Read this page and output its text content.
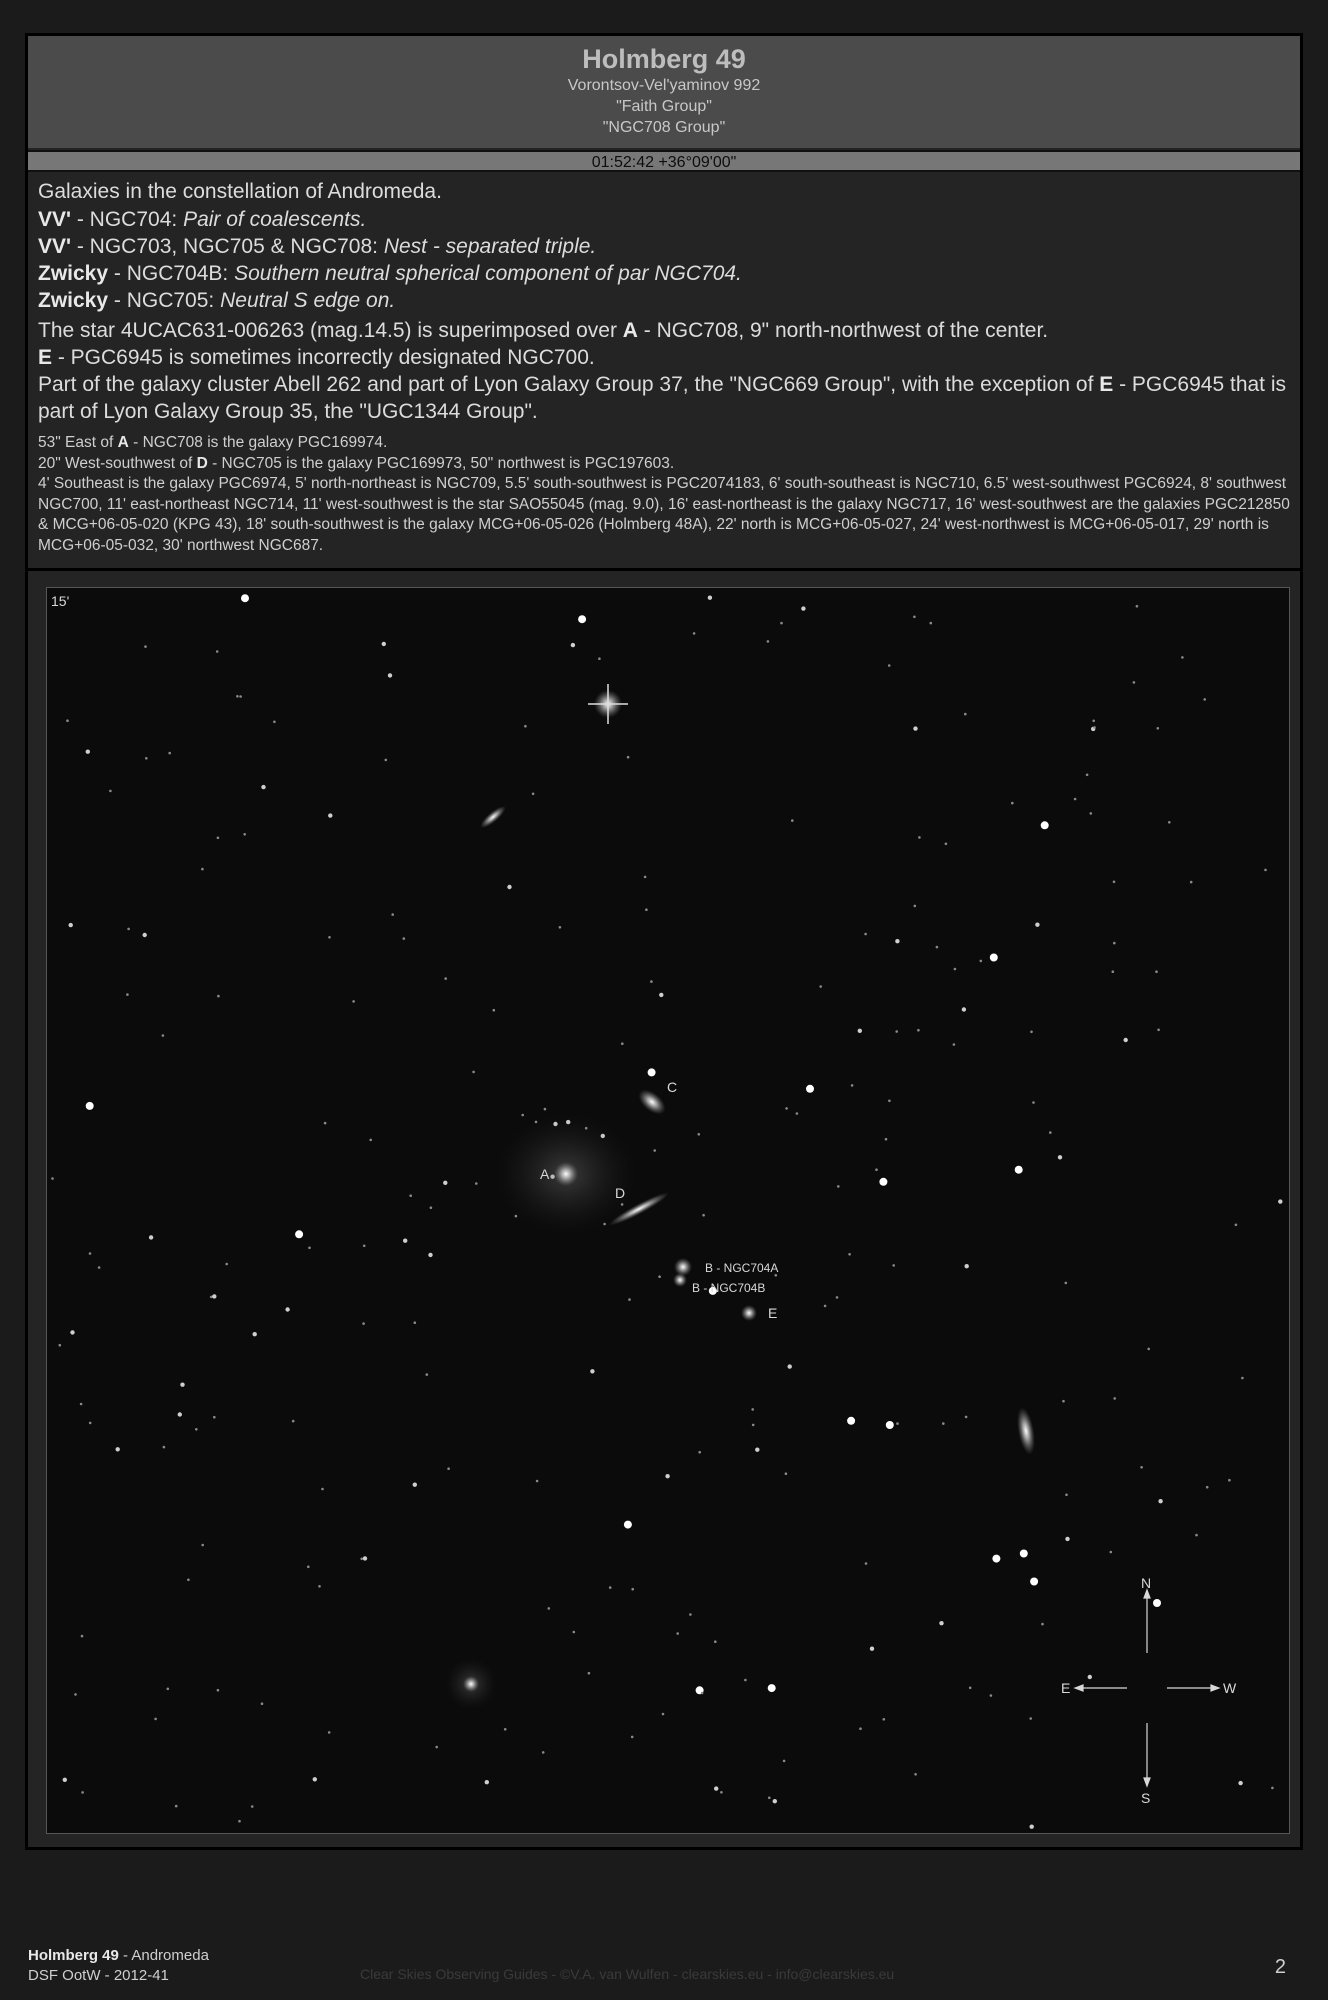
Holmberg 49
Vorontsov-Vel'yaminov 992
"Faith Group"
"NGC708 Group"
01:52:42 +36°09'00"

Galaxies in the constellation of Andromeda.

VV' - NGC704: Pair of coalescents.

VV' - NGC703, NGC705 & NGC708: Nest - separated triple.

Zwicky - NGC704B: Southern neutral spherical component of par NGC704.

Zwicky - NGC705: Neutral S edge on.

The star 4UCAC631-006263 (mag.14.5) is superimposed over A - NGC708, 9" north-northwest of the center.

E - PGC6945 is sometimes incorrectly designated NGC700.

Part of the galaxy cluster Abell 262 and part of Lyon Galaxy Group 37, the "NGC669 Group", with the exception of E - PGC6945 that is part of Lyon Galaxy Group 35, the "UGC1344 Group".

53" East of A - NGC708 is the galaxy PGC169974.

20" West-southwest of D - NGC705 is the galaxy PGC169973, 50" northwest is PGC197603.

4' Southeast is the galaxy PGC6974, 5' north-northeast is NGC709, 5.5' south-southwest is PGC2074183, 6' south-southeast is NGC710, 6.5' west-southwest PGC6924, 8' southwest NGC700, 11' east-northeast NGC714, 11' west-southwest is the star SAO55045 (mag. 9.0), 16' east-northeast is the galaxy NGC717, 16' west-southwest are the galaxies PGC212850 & MCG+06-05-020 (KPG 43), 18' south-southwest is the galaxy MCG+06-05-026 (Holmberg 48A), 22' north is MCG+06-05-027, 24' west-northwest is MCG+06-05-017, 29' north is MCG+06-05-032, 30' northwest NGC687.

15'
A
C
D
B - NGC704A
B - NGC704B
E
N
S
E	W
Holmberg 49 - Andromeda
DSF OotW - 2012-41	Clear Skies Observing Guides - ©V.A. van Wulfen - clearskies.eu - info@clearskies.eu	2
